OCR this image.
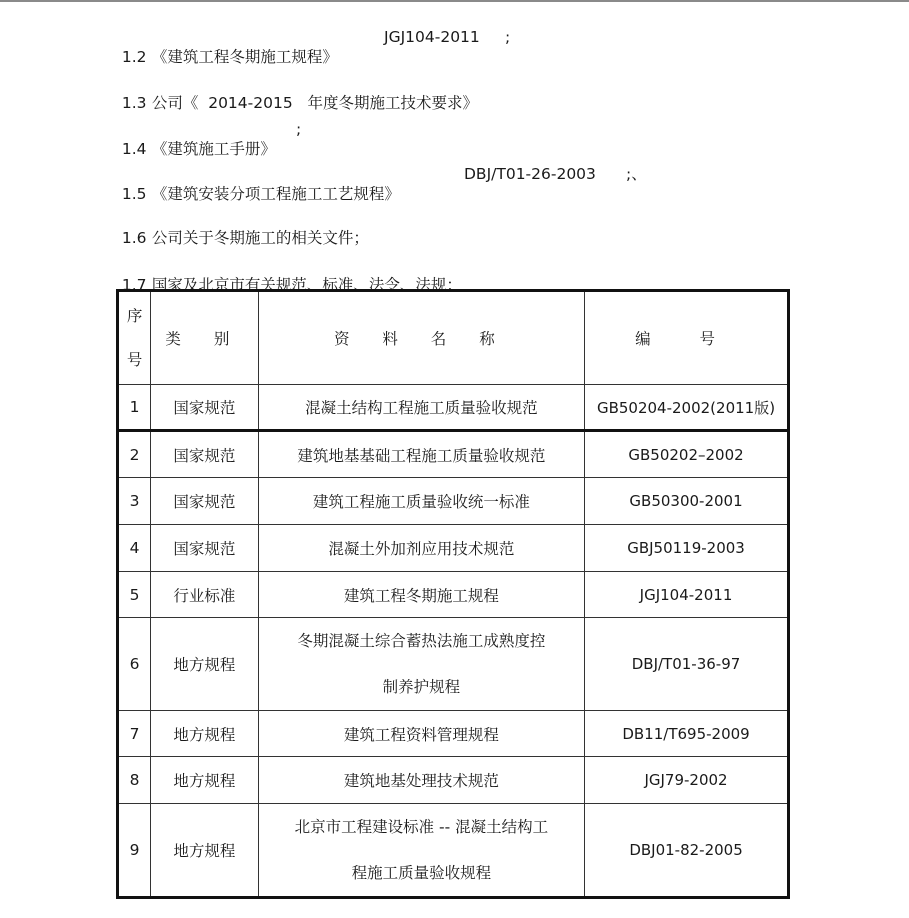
1.2 《建筑工程冬期施工规程》

JGJ104-2011

;

1.3 公司《  2014-2015   年度冬期施工技术要求》

1.4 《建筑施工手册》

;

1.5 《建筑安装分项工程施工工艺规程》

DBJ/T01-26-2003

;、

1.6 公司关于冬期施工的相关文件；

1.7 国家及北京市有关规范、标准、法令、法规：

序
号	类 别	资 料 名 称	编 号
1	国家规范	混凝土结构工程施工质量验收规范	GB50204-2002(2011版)
2	国家规范	建筑地基基础工程施工质量验收规范	GB50202–2002
3	国家规范	建筑工程施工质量验收统一标准	GB50300-2001
4	国家规范	混凝土外加剂应用技术规范	GBJ50119-2003
5	行业标准	建筑工程冬期施工规程	JGJ104-2011
6	地方规程	冬期混凝土综合蓄热法施工成熟度控
制养护规程	DBJ/T01-36-97
7	地方规程	建筑工程资料管理规程	DB11/T695-2009
8	地方规程	建筑地基处理技术规范	JGJ79-2002
9	地方规程	北京市工程建设标准 -- 混凝土结构工
程施工质量验收规程	DBJ01-82-2005
